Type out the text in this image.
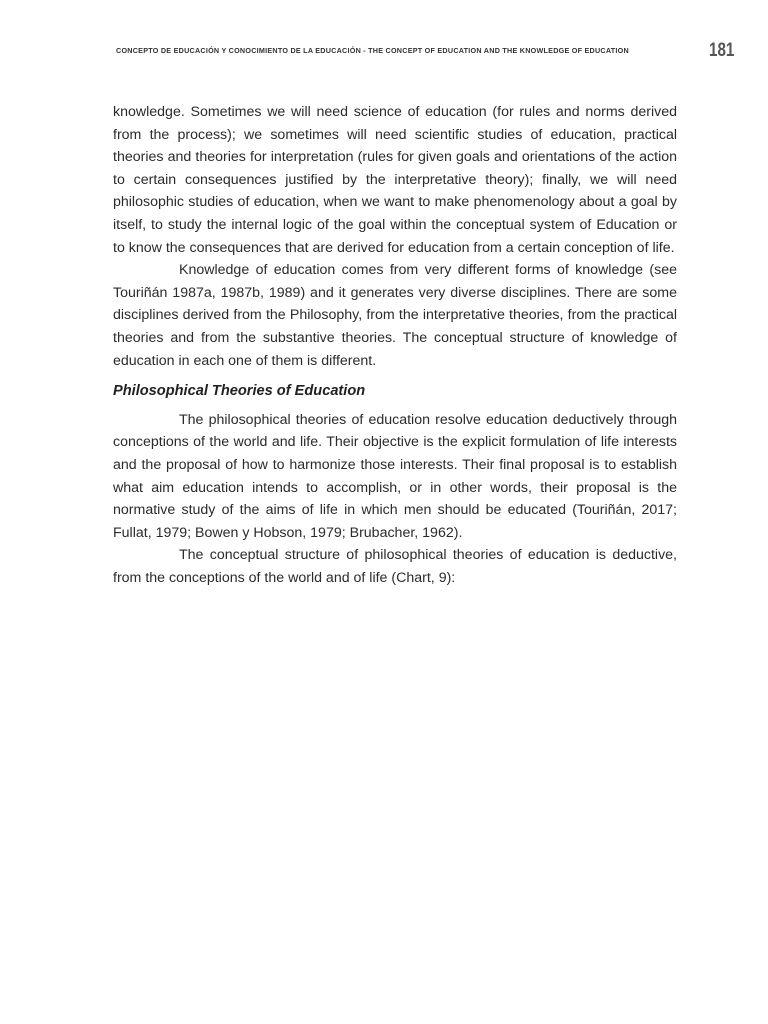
CONCEPTO DE EDUCACIÓN Y CONOCIMIENTO DE LA EDUCACIÓN - THE CONCEPT OF EDUCATION AND THE KNOWLEDGE OF EDUCATION	181

knowledge. Sometimes we will need science of education (for rules and norms derived from the process); we sometimes will need scientific studies of education, practical theories and theories for interpretation (rules for given goals and orientations of the action to certain consequences justified by the interpretative theory); finally, we will need philosophic studies of education, when we want to make phenomenology about a goal by itself, to study the internal logic of the goal within the conceptual system of Education or to know the consequences that are derived for education from a certain conception of life.

Knowledge of education comes from very different forms of knowledge (see Touriñán 1987a, 1987b, 1989) and it generates very diverse disciplines. There are some disciplines derived from the Philosophy, from the interpretative theories, from the practical theories and from the substantive theories. The conceptual structure of knowledge of education in each one of them is different.

Philosophical Theories of Education

The philosophical theories of education resolve education deductively through conceptions of the world and life. Their objective is the explicit formulation of life interests and the proposal of how to harmonize those interests. Their final proposal is to establish what aim education intends to accomplish, or in other words, their proposal is the normative study of the aims of life in which men should be educated (Touriñán, 2017; Fullat, 1979; Bowen y Hobson, 1979; Brubacher, 1962).

The conceptual structure of philosophical theories of education is deductive, from the conceptions of the world and of life (Chart, 9):
